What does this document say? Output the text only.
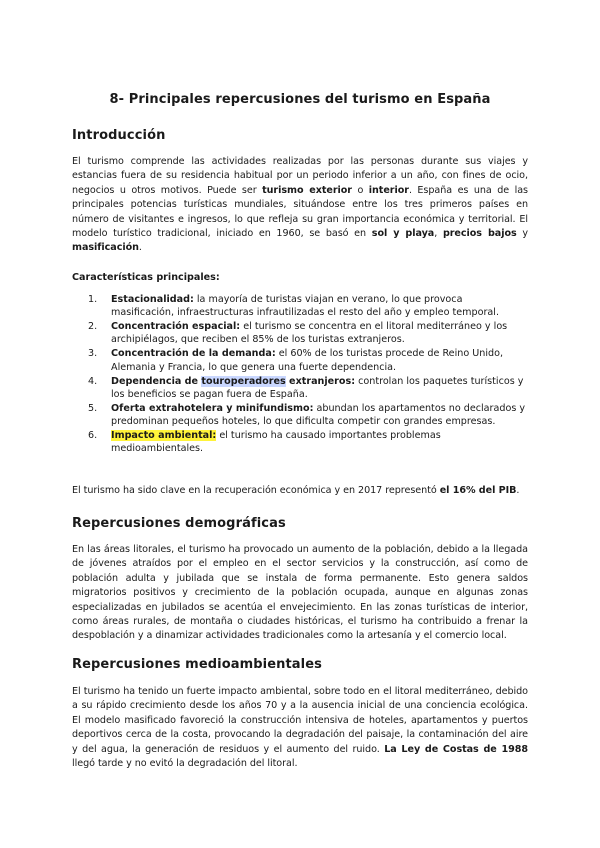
8- Principales repercusiones del turismo en España
Introducción

El turismo comprende las actividades realizadas por las personas durante sus viajes y estancias fuera de su residencia habitual por un periodo inferior a un año, con fines de ocio, negocios u otros motivos. Puede ser turismo exterior o interior. España es una de las principales potencias turísticas mundiales, situándose entre los tres primeros países en número de visitantes e ingresos, lo que refleja su gran importancia económica y territorial. El modelo turístico tradicional, iniciado en 1960, se basó en sol y playa, precios bajos y masificación.

Características principales:
1. Estacionalidad: la mayoría de turistas viajan en verano, lo que provoca masificación, infraestructuras infrautilizadas el resto del año y empleo temporal.
2. Concentración espacial: el turismo se concentra en el litoral mediterráneo y los archipiélagos, que reciben el 85% de los turistas extranjeros.
3. Concentración de la demanda: el 60% de los turistas procede de Reino Unido, Alemania y Francia, lo que genera una fuerte dependencia.
4. Dependencia de touroperadores extranjeros: controlan los paquetes turísticos y los beneficios se pagan fuera de España.
5. Oferta extrahotelera y minifundismo: abundan los apartamentos no declarados y predominan pequeños hoteles, lo que dificulta competir con grandes empresas.
6. Impacto ambiental: el turismo ha causado importantes problemas medioambientales.

El turismo ha sido clave en la recuperación económica y en 2017 representó el 16% del PIB.

Repercusiones demográficas

En las áreas litorales, el turismo ha provocado un aumento de la población, debido a la llegada de jóvenes atraídos por el empleo en el sector servicios y la construcción, así como de población adulta y jubilada que se instala de forma permanente. Esto genera saldos migratorios positivos y crecimiento de la población ocupada, aunque en algunas zonas especializadas en jubilados se acentúa el envejecimiento. En las zonas turísticas de interior, como áreas rurales, de montaña o ciudades históricas, el turismo ha contribuido a frenar la despoblación y a dinamizar actividades tradicionales como la artesanía y el comercio local.

Repercusiones medioambientales

El turismo ha tenido un fuerte impacto ambiental, sobre todo en el litoral mediterráneo, debido a su rápido crecimiento desde los años 70 y a la ausencia inicial de una conciencia ecológica. El modelo masificado favoreció la construcción intensiva de hoteles, apartamentos y puertos deportivos cerca de la costa, provocando la degradación del paisaje, la contaminación del aire y del agua, la generación de residuos y el aumento del ruido. La Ley de Costas de 1988 llegó tarde y no evitó la degradación del litoral.
